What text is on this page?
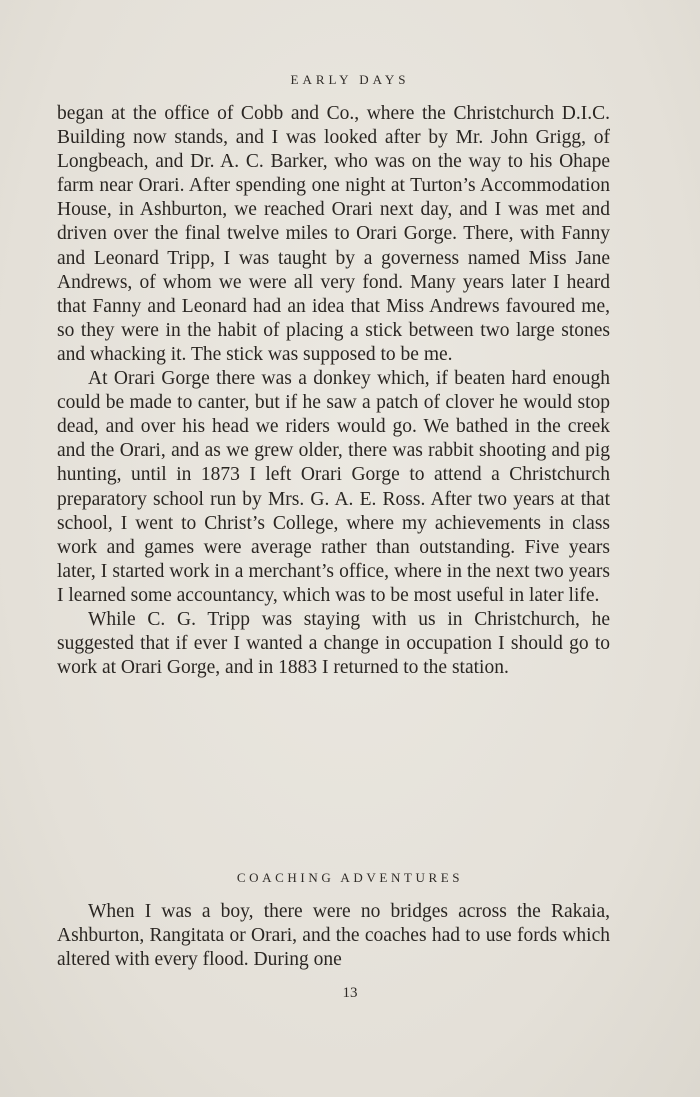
EARLY DAYS

began at the office of Cobb and Co., where the Christchurch D.I.C. Building now stands, and I was looked after by Mr. John Grigg, of Longbeach, and Dr. A. C. Barker, who was on the way to his Ohape farm near Orari. After spending one night at Turton’s Accommodation House, in Ashburton, we reached Orari next day, and I was met and driven over the final twelve miles to Orari Gorge. There, with Fanny and Leonard Tripp, I was taught by a governess named Miss Jane Andrews, of whom we were all very fond. Many years later I heard that Fanny and Leonard had an idea that Miss Andrews favoured me, so they were in the habit of placing a stick between two large stones and whacking it. The stick was supposed to be me.

At Orari Gorge there was a donkey which, if beaten hard enough could be made to canter, but if he saw a patch of clover he would stop dead, and over his head we riders would go. We bathed in the creek and the Orari, and as we grew older, there was rabbit shooting and pig hunting, until in 1873 I left Orari Gorge to attend a Christchurch preparatory school run by Mrs. G. A. E. Ross. After two years at that school, I went to Christ’s College, where my achievements in class work and games were average rather than outstanding. Five years later, I started work in a merchant’s office, where in the next two years I learned some accountancy, which was to be most useful in later life.

While C. G. Tripp was staying with us in Christchurch, he suggested that if ever I wanted a change in occupation I should go to work at Orari Gorge, and in 1883 I returned to the station.

COACHING ADVENTURES

When I was a boy, there were no bridges across the Rakaia, Ashburton, Rangitata or Orari, and the coaches had to use fords which altered with every flood. During one

13
